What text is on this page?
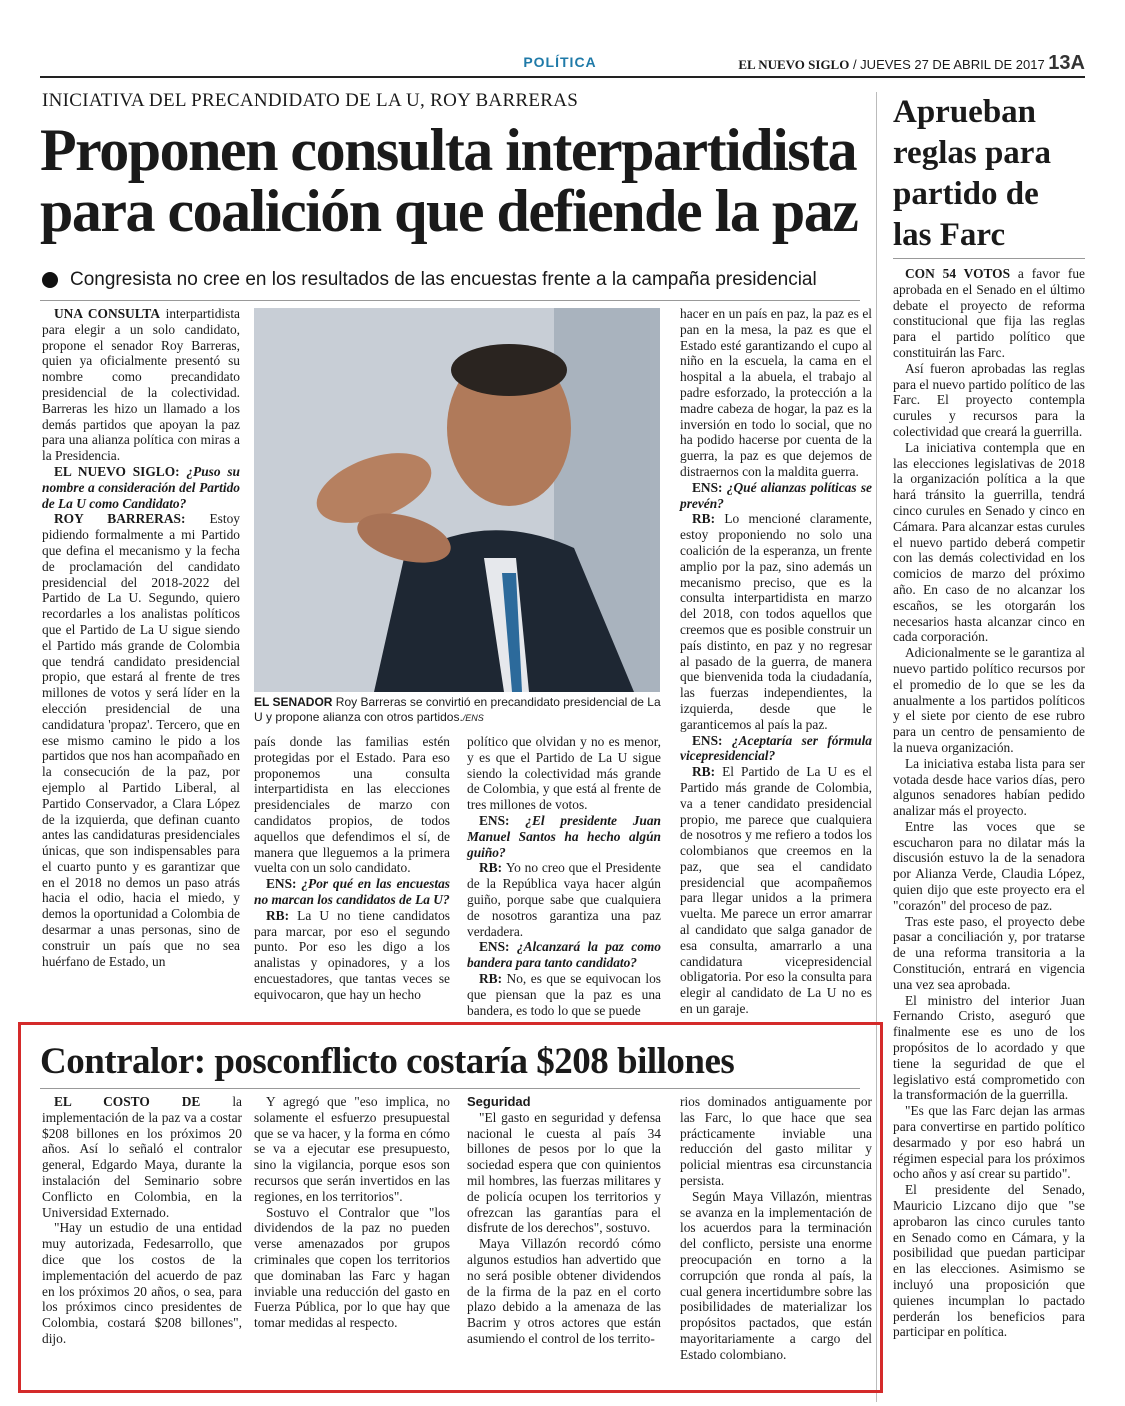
POLÍTICA	EL NUEVO SIGLO / JUEVES 27 DE ABRIL DE 2017 13A
INICIATIVA DEL PRECANDIDATO DE LA U, ROY BARRERAS
Proponen consulta interpartidista
para coalición que defiende la paz
Congresista no cree en los resultados de las encuestas frente a la campaña presidencial

UNA CONSULTA interpartidista para elegir a un solo candidato, propone el senador Roy Barreras, quien ya oficialmente presentó su nombre como precandidato presidencial de la colectividad. Barreras les hizo un llamado a los demás partidos que apoyan la paz para una alianza política con miras a la Presidencia.

EL NUEVO SIGLO: ¿Puso su nombre a consideración del Partido de La U como Candidato?

ROY BARRERAS: Estoy pidiendo formalmente a mi Partido que defina el mecanismo y la fecha de proclamación del candidato presidencial del 2018-2022 del Partido de La U. Segundo, quiero recordarles a los analistas políticos que el Partido de La U sigue siendo el Partido más grande de Colombia que tendrá candidato presidencial propio, que estará al frente de tres millones de votos y será líder en la elección presidencial de una candidatura 'propaz'. Tercero, que en ese mismo camino le pido a los partidos que nos han acompañado en la consecución de la paz, por ejemplo al Partido Liberal, al Partido Conservador, a Clara López de la izquierda, que definan cuanto antes las candidaturas presidenciales únicas, que son indispensables para el cuarto punto y es garantizar que en el 2018 no demos un paso atrás hacia el odio, hacia el miedo, y demos la oportunidad a Colombia de desarmar a unas personas, sino de construir un país que no sea huérfano de Estado, un

EL SENADOR Roy Barreras se convirtió en precandidato presidencial de La U y propone alianza con otros partidos./ENS

país donde las familias estén protegidas por el Estado. Para eso proponemos una consulta interpartidista en las elecciones presidenciales de marzo con candidatos propios, de todos aquellos que defendimos el sí, de manera que lleguemos a la primera vuelta con un solo candidato.

ENS: ¿Por qué en las encuestas no marcan los candidatos de La U?

RB: La U no tiene candidatos para marcar, por eso el segundo punto. Por eso les digo a los analistas y opinadores, y a los encuestadores, que tantas veces se equivocaron, que hay un hecho

político que olvidan y no es menor, y es que el Partido de La U sigue siendo la colectividad más grande de Colombia, y que está al frente de tres millones de votos.

ENS: ¿El presidente Juan Manuel Santos ha hecho algún guiño?

RB: Yo no creo que el Presidente de la República vaya hacer algún guiño, porque sabe que cualquiera de nosotros garantiza una paz verdadera.

ENS: ¿Alcanzará la paz como bandera para tanto candidato?

RB: No, es que se equivocan los que piensan que la paz es una bandera, es todo lo que se puede

hacer en un país en paz, la paz es el pan en la mesa, la paz es que el Estado esté garantizando el cupo al niño en la escuela, la cama en el hospital a la abuela, el trabajo al padre esforzado, la protección a la madre cabeza de hogar, la paz es la inversión en todo lo social, que no ha podido hacerse por cuenta de la guerra, la paz es que dejemos de distraernos con la maldita guerra.

ENS: ¿Qué alianzas políticas se prevén?

RB: Lo mencioné claramente, estoy proponiendo no solo una coalición de la esperanza, un frente amplio por la paz, sino además un mecanismo preciso, que es la consulta interpartidista en marzo del 2018, con todos aquellos que creemos que es posible construir un país distinto, en paz y no regresar al pasado de la guerra, de manera que bienvenida toda la ciudadanía, las fuerzas independientes, la izquierda, desde que le garanticemos al país la paz.

ENS: ¿Aceptaría ser fórmula vicepresidencial?

RB: El Partido de La U es el Partido más grande de Colombia, va a tener candidato presidencial propio, me parece que cualquiera de nosotros y me refiero a todos los colombianos que creemos en la paz, que sea el candidato presidencial que acompañemos para llegar unidos a la primera vuelta. Me parece un error amarrar al candidato que salga ganador de esa consulta, amarrarlo a una candidatura vicepresidencial obligatoria. Por eso la consulta para elegir al candidato de La U no es en un garaje.

Aprueban reglas para partido de las Farc

CON 54 VOTOS a favor fue aprobada en el Senado en el último debate el proyecto de reforma constitucional que fija las reglas para el partido político que constituirán las Farc.

Así fueron aprobadas las reglas para el nuevo partido político de las Farc. El proyecto contempla curules y recursos para la colectividad que creará la guerrilla.

La iniciativa contempla que en las elecciones legislativas de 2018 la organización política a la que hará tránsito la guerrilla, tendrá cinco curules en Senado y cinco en Cámara. Para alcanzar estas curules el nuevo partido deberá competir con las demás colectividad en los comicios de marzo del próximo año. En caso de no alcanzar los escaños, se les otorgarán los necesarios hasta alcanzar cinco en cada corporación.

Adicionalmente se le garantiza al nuevo partido político recursos por el promedio de lo que se les da anualmente a los partidos políticos y el siete por ciento de ese rubro para un centro de pensamiento de la nueva organización.

La iniciativa estaba lista para ser votada desde hace varios días, pero algunos senadores habían pedido analizar más el proyecto.

Entre las voces que se escucharon para no dilatar más la discusión estuvo la de la senadora por Alianza Verde, Claudia López, quien dijo que este proyecto era el "corazón" del proceso de paz.

Tras este paso, el proyecto debe pasar a conciliación y, por tratarse de una reforma transitoria a la Constitución, entrará en vigencia una vez sea aprobada.

El ministro del interior Juan Fernando Cristo, aseguró que finalmente ese es uno de los propósitos de lo acordado y que tiene la seguridad de que el legislativo está comprometido con la transformación de la guerrilla.

"Es que las Farc dejan las armas para convertirse en partido político desarmado y por eso habrá un régimen especial para los próximos ocho años y así crear su partido".

El presidente del Senado, Mauricio Lizcano dijo que "se aprobaron las cinco curules tanto en Senado como en Cámara, y la posibilidad que puedan participar en las elecciones. Asimismo se incluyó una proposición que quienes incumplan lo pactado perderán los beneficios para participar en política.

Contralor: posconflicto costaría $208 billones

EL COSTO DE la implementación de la paz va a costar $208 billones en los próximos 20 años. Así lo señaló el contralor general, Edgardo Maya, durante la instalación del Seminario sobre Conflicto en Colombia, en la Universidad Externado.

"Hay un estudio de una entidad muy autorizada, Fedesarrollo, que dice que los costos de la implementación del acuerdo de paz en los próximos 20 años, o sea, para los próximos cinco presidentes de Colombia, costará $208 billones", dijo.

Y agregó que "eso implica, no solamente el esfuerzo presupuestal que se va hacer, y la forma en cómo se va a ejecutar ese presupuesto, sino la vigilancia, porque esos son recursos que serán invertidos en las regiones, en los territorios".

Sostuvo el Contralor que "los dividendos de la paz no pueden verse amenazados por grupos criminales que copen los territorios que dominaban las Farc y hagan inviable una reducción del gasto en Fuerza Pública, por lo que hay que tomar medidas al respecto.

Seguridad

"El gasto en seguridad y defensa nacional le cuesta al país 34 billones de pesos por lo que la sociedad espera que con quinientos mil hombres, las fuerzas militares y de policía ocupen los territorios y ofrezcan las garantías para el disfrute de los derechos", sostuvo.

Maya Villazón recordó cómo algunos estudios han advertido que no será posible obtener dividendos de la firma de la paz en el corto plazo debido a la amenaza de las Bacrim y otros actores que están asumiendo el control de los territo-

rios dominados antiguamente por las Farc, lo que hace que sea prácticamente inviable una reducción del gasto militar y policial mientras esa circunstancia persista.

Según Maya Villazón, mientras se avanza en la implementación de los acuerdos para la terminación del conflicto, persiste una enorme preocupación en torno a la corrupción que ronda al país, la cual genera incertidumbre sobre las posibilidades de materializar los propósitos pactados, que están mayoritariamente a cargo del Estado colombiano.
